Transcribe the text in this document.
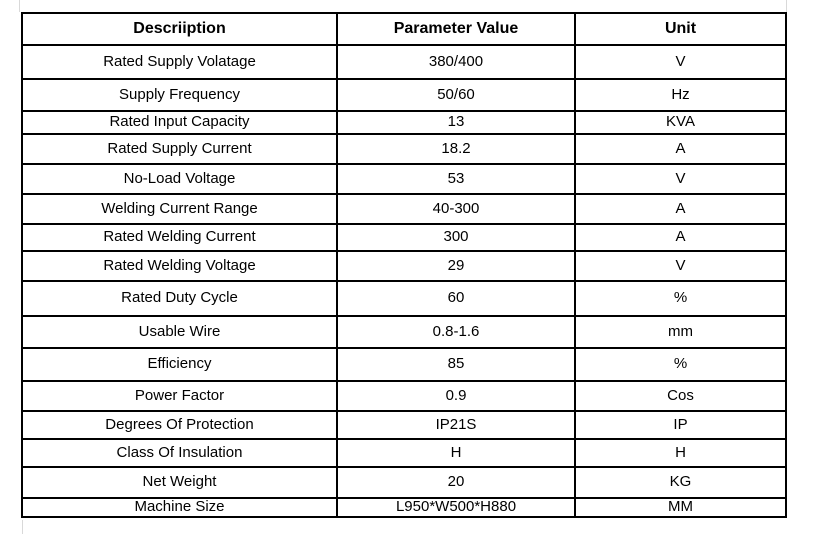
Descriiption	Parameter Value	Unit
Rated Supply Volatage	380/400	V
Supply Frequency	50/60	Hz
Rated Input Capacity	13	KVA
Rated Supply Current	18.2	A
No-Load Voltage	53	V
Welding Current Range	40-300	A
Rated Welding Current	300	A
Rated Welding Voltage	29	V
Rated Duty Cycle	60	%
Usable Wire	0.8-1.6	mm
Efficiency	85	%
Power Factor	0.9	Cos
Degrees Of Protection	IP21S	IP
Class Of Insulation	H	H
Net Weight	20	KG
Machine Size	L950*W500*H880	MM
